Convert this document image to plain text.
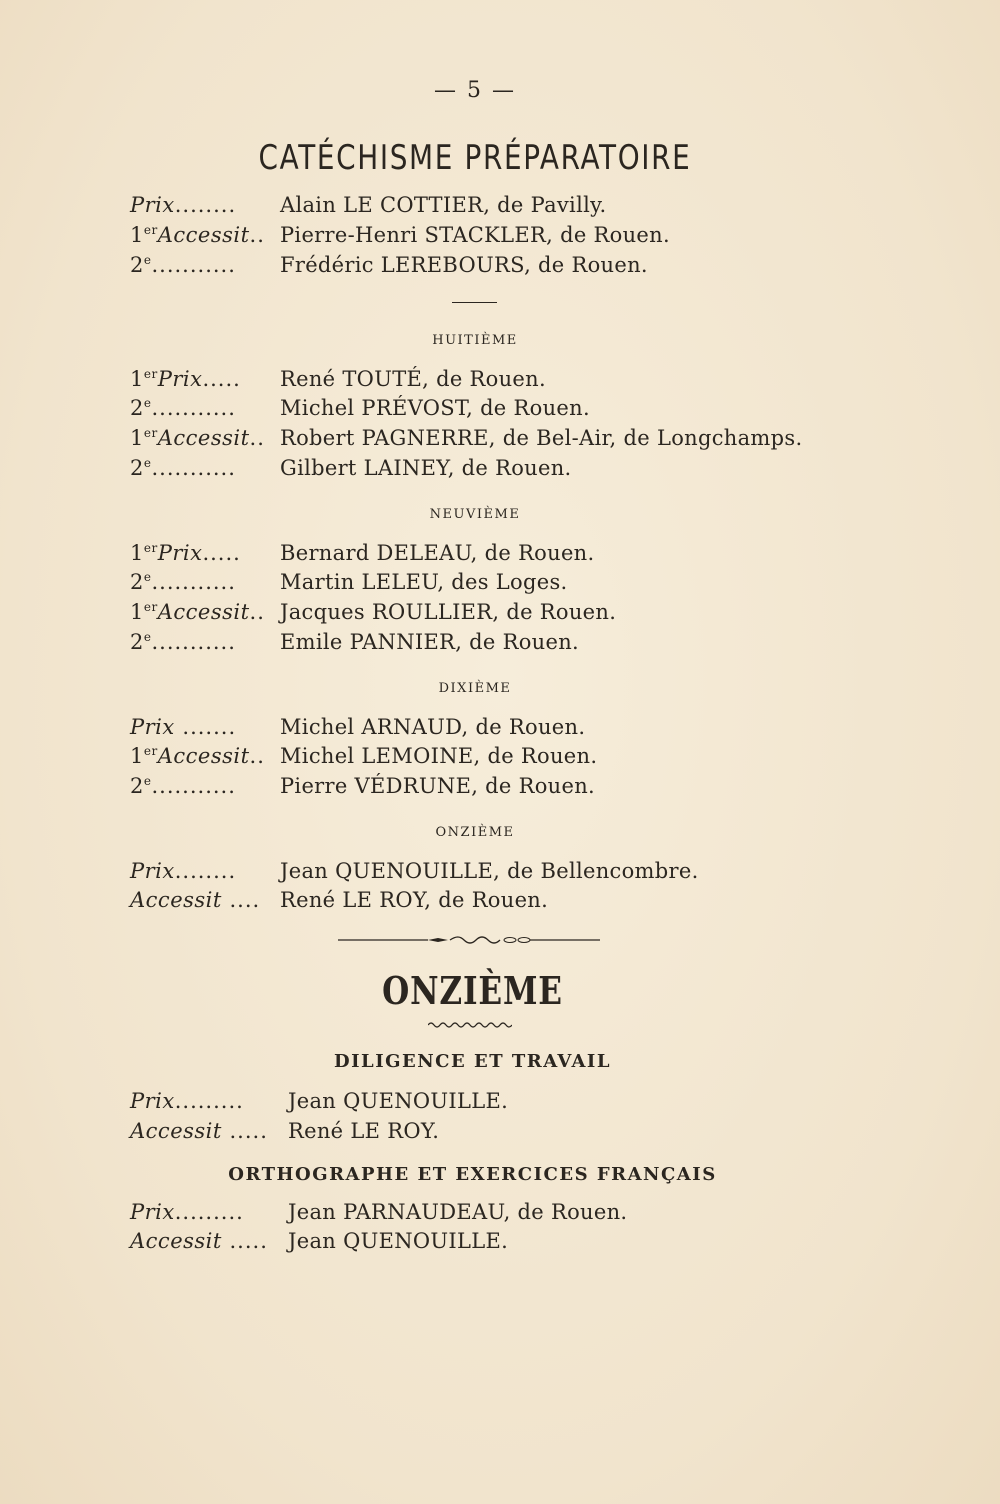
— 5 —
CATÉCHISME PRÉPARATOIRE
Prix........ Alain LE COTTIER, de Pavilly.
1erAccessit.. Pierre-Henri STACKLER, de Rouen.
2e........... Frédéric LEREBOURS, de Rouen.
HUITIÈME
1erPrix..... René TOUTÉ, de Rouen.
2e........... Michel PRÉVOST, de Rouen.
1erAccessit.. Robert PAGNERRE, de Bel-Air, de Longchamps.
2e........... Gilbert LAINEY, de Rouen.
NEUVIÈME
1erPrix..... Bernard DELEAU, de Rouen.
2e........... Martin LELEU, des Loges.
1erAccessit.. Jacques ROULLIER, de Rouen.
2e........... Emile PANNIER, de Rouen.
DIXIÈME
Prix ....... Michel ARNAUD, de Rouen.
1erAccessit.. Michel LEMOINE, de Rouen.
2e........... Pierre VÉDRUNE, de Rouen.
ONZIÈME
Prix........ Jean QUENOUILLE, de Bellencombre.
Accessit .... René LE ROY, de Rouen.
ONZIÈME
DILIGENCE ET TRAVAIL
Prix......... Jean QUENOUILLE.
Accessit ..... René LE ROY.
ORTHOGRAPHE ET EXERCICES FRANÇAIS
Prix......... Jean PARNAUDEAU, de Rouen.
Accessit ..... Jean QUENOUILLE.
